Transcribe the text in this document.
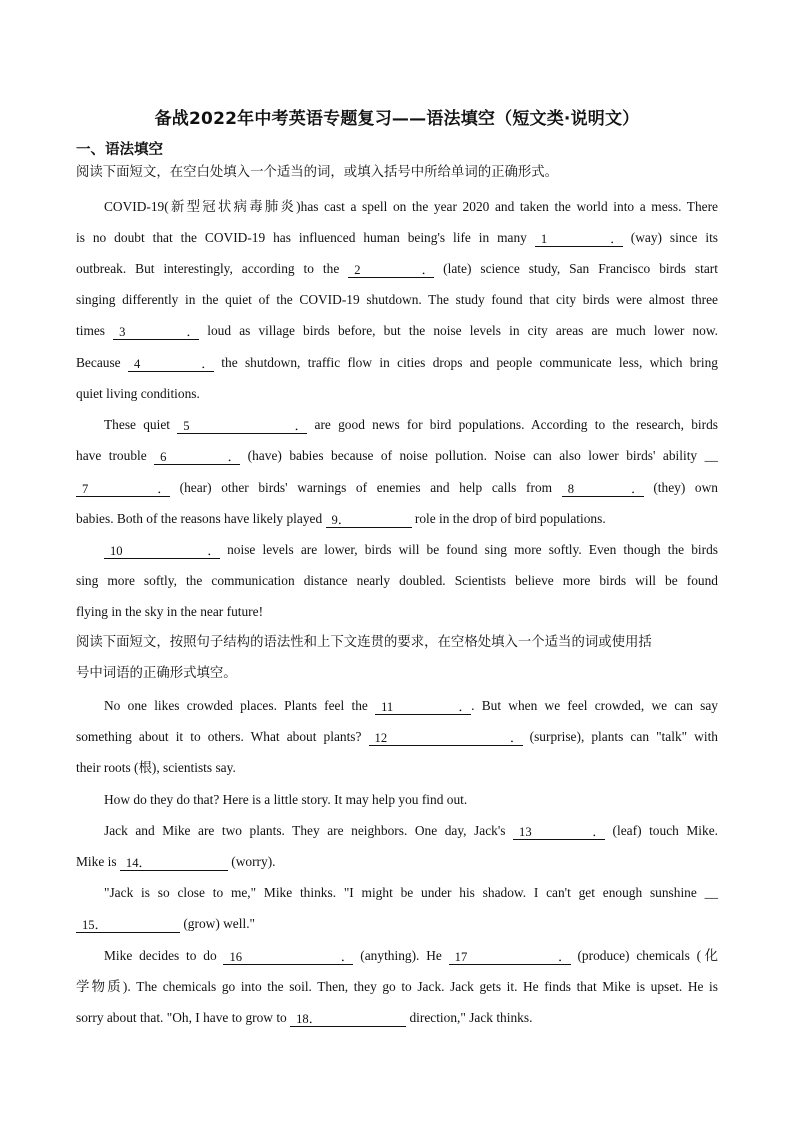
备战2022年中考英语专题复习——语法填空（短文类·说明文）
一、语法填空
阅读下面短文，在空白处填入一个适当的词，或填入括号中所给单词的正确形式。
COVID-19(新型冠状病毒肺炎)has cast a spell on the year 2020 and taken the world into a mess. There
is no doubt that the COVID-19 has influenced human being's life in many 1． (way) since its
outbreak. But interestingly, according to the 2． (late) science study, San Francisco birds start
singing differently in the quiet of the COVID-19 shutdown. The study found that city birds were almost three
times 3． loud as village birds before, but the noise levels in city areas are much lower now.
Because 4． the shutdown, traffic flow in cities drops and people communicate less, which bring
quiet living conditions.
These quiet 5． are good news for bird populations. According to the research, birds
have trouble 6． (have) babies because of noise pollution. Noise can also lower birds' ability __
7． (hear) other birds' warnings of enemies and help calls from 8． (they) own
babies. Both of the reasons have likely played 9．	role in the drop of bird populations.
10． noise levels are lower, birds will be found sing more softly. Even though the birds
sing more softly, the communication distance nearly doubled. Scientists believe more birds will be found
flying in the sky in the near future!
阅读下面短文，按照句子结构的语法性和上下文连贯的要求，在空格处填入一个适当的词或使用括
号中词语的正确形式填空。
No one likes crowded places. Plants feel the 11．. But when we feel crowded, we can say
something about it to others. What about plants? 12． (surprise), plants can "talk" with
their roots (根), scientists say.
How do they do that? Here is a little story. It may help you find out.
Jack and Mike are two plants. They are neighbors. One day, Jack's 13． (leaf) touch Mike.
Mike is 14．	(worry).
"Jack is so close to me," Mike thinks. "I might be under his shadow. I can't get enough sunshine __
15．	(grow) well."
Mike decides to do 16． (anything). He 17． (produce) chemicals (化
学物质). The chemicals go into the soil. Then, they go to Jack. Jack gets it. He finds that Mike is upset. He is
sorry about that. "Oh, I have to grow to 18．	direction," Jack thinks.
